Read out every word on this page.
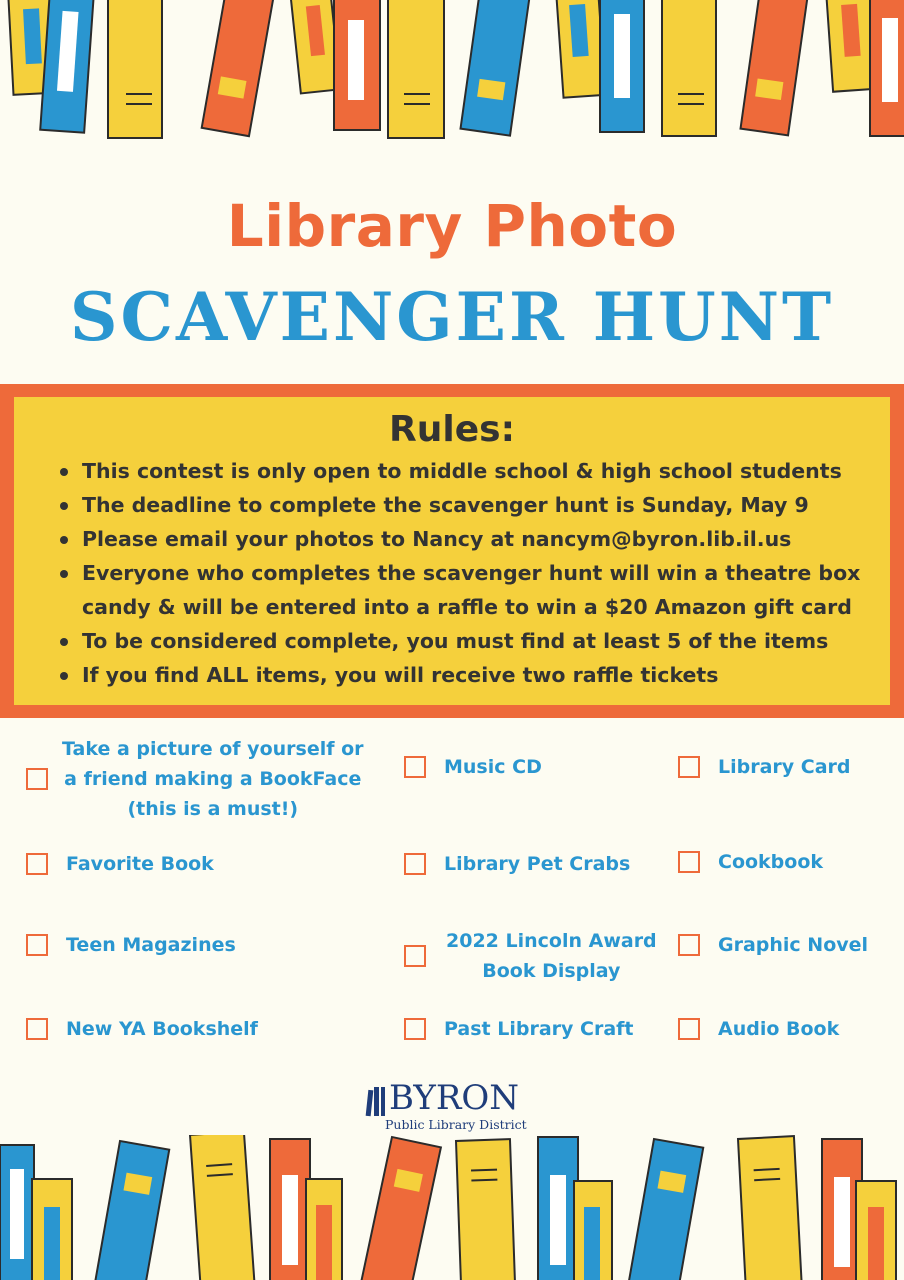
Library Photo
SCAVENGER HUNT
Rules:
This contest is only open to middle school & high school students
The deadline to complete the scavenger hunt is Sunday, May 9
Please email your photos to Nancy at nancym@byron.lib.il.us
Everyone who completes the scavenger hunt will win a theatre box candy & will be entered into a raffle to win a $20 Amazon gift card
To be considered complete, you must find at least 5 of the items
If you find ALL items, you will receive two raffle tickets
Take a picture of yourself or
a friend making a BookFace
(this is a must!)
Favorite Book
Teen Magazines
New YA Bookshelf
Music CD
Library Pet Crabs
2022 Lincoln Award
Book Display
Past Library Craft
Library Card
Cookbook
Graphic Novel
Audio Book
BYRON
Public Library District
